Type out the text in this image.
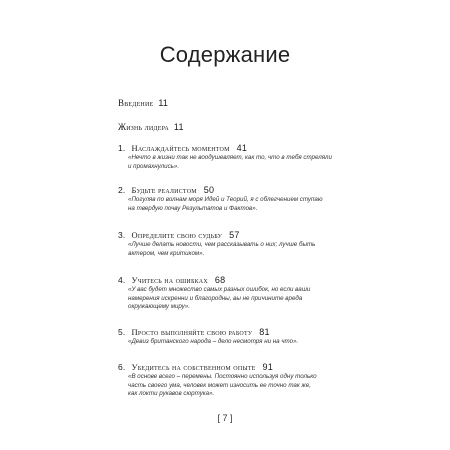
Содержание
Введение 11
Жизнь лидера 11
1. Наслаждайтесь моментом 41
«Нечто в жизни так не воодушевляет, как то, что в тебя стреляли
и промахнулись».
2. Будьте реалистом 50
«Погуляв по волнам моря Идей и Теорий, я с облегчением ступаю
на твердую почву Результатов и Фактов».
3. Определите свою судьбу 57
«Лучше делать новости, чем рассказывать о них; лучше быть
актером, чем критиком».
4. Учитесь на ошибках 68
«У вас будет множество самых разных ошибок, но если ваши
намерения искренни и благородны, вы не причините вреда
окружающему миру».
5. Просто выполняйте свою работу 81
«Девиз британского народа – дело несмотря ни на что».
6. Убедитесь на собственном опыте 91
«В основе всего – перемены. Постоянно используя одну только
часть своего ума, человек может износить ее точно так же,
как локти рукавов сюртука».
[ 7 ]
